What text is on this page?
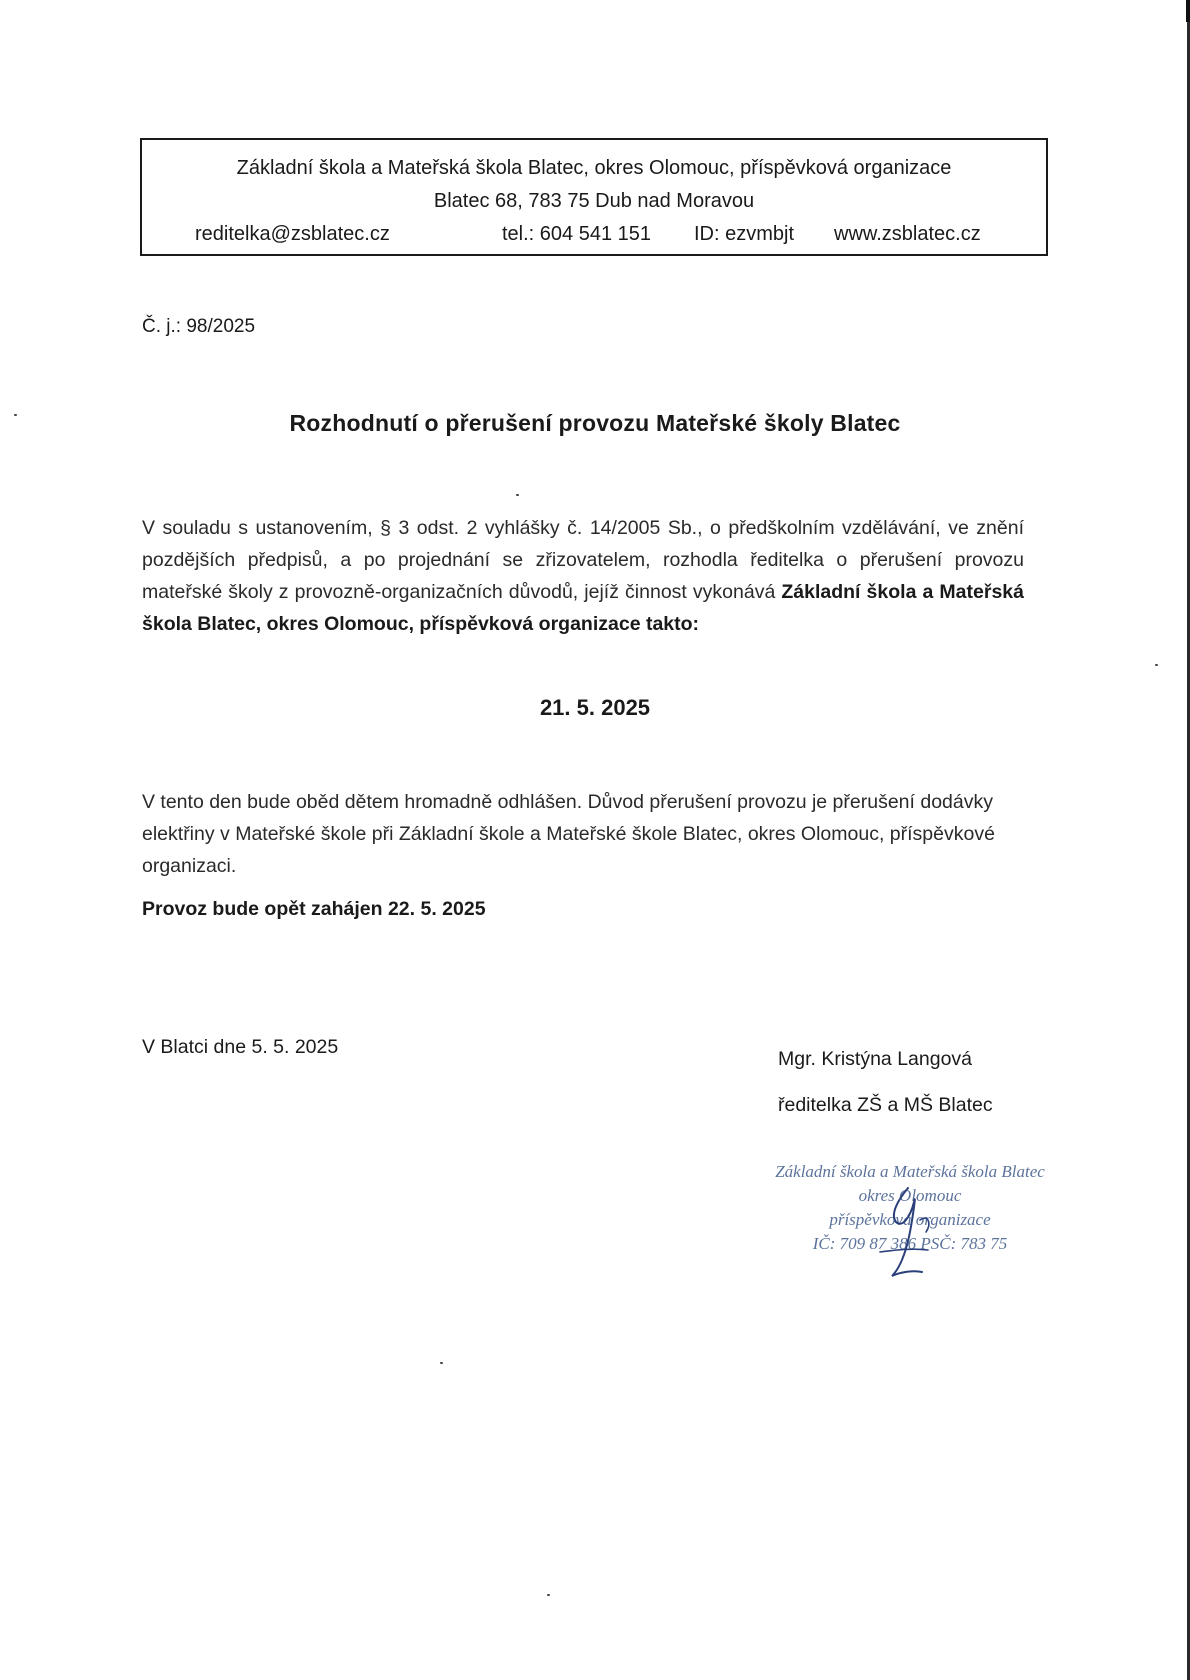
Základní škola a Mateřská škola Blatec, okres Olomouc, příspěvková organizace
Blatec 68, 783 75 Dub nad Moravou
reditelka@zsblatec.cz	tel.: 604 541 151 ID: ezvmbjt www.zsblatec.cz
Č. j.: 98/2025
Rozhodnutí o přerušení provozu Mateřské školy Blatec
V souladu s ustanovením, § 3 odst. 2 vyhlášky č. 14/2005 Sb., o předškolním vzdělávání, ve znění pozdějších předpisů, a po projednání se zřizovatelem, rozhodla ředitelka o přerušení provozu mateřské školy z provozně-organizačních důvodů, jejíž činnost vykonává Základní škola a Mateřská škola Blatec, okres Olomouc, příspěvková organizace takto:
21. 5. 2025
V tento den bude oběd dětem hromadně odhlášen. Důvod přerušení provozu je přerušení dodávky elektřiny v Mateřské škole při Základní škole a Mateřské škole Blatec, okres Olomouc, příspěvkové organizaci.
Provoz bude opět zahájen 22. 5. 2025
V Blatci dne 5. 5. 2025
Mgr. Kristýna Langová
ředitelka ZŠ a MŠ Blatec
Základní škola a Mateřská škola Blatec
okres Olomouc
příspěvková organizace
IČ: 709 87 386 PSČ: 783 75
